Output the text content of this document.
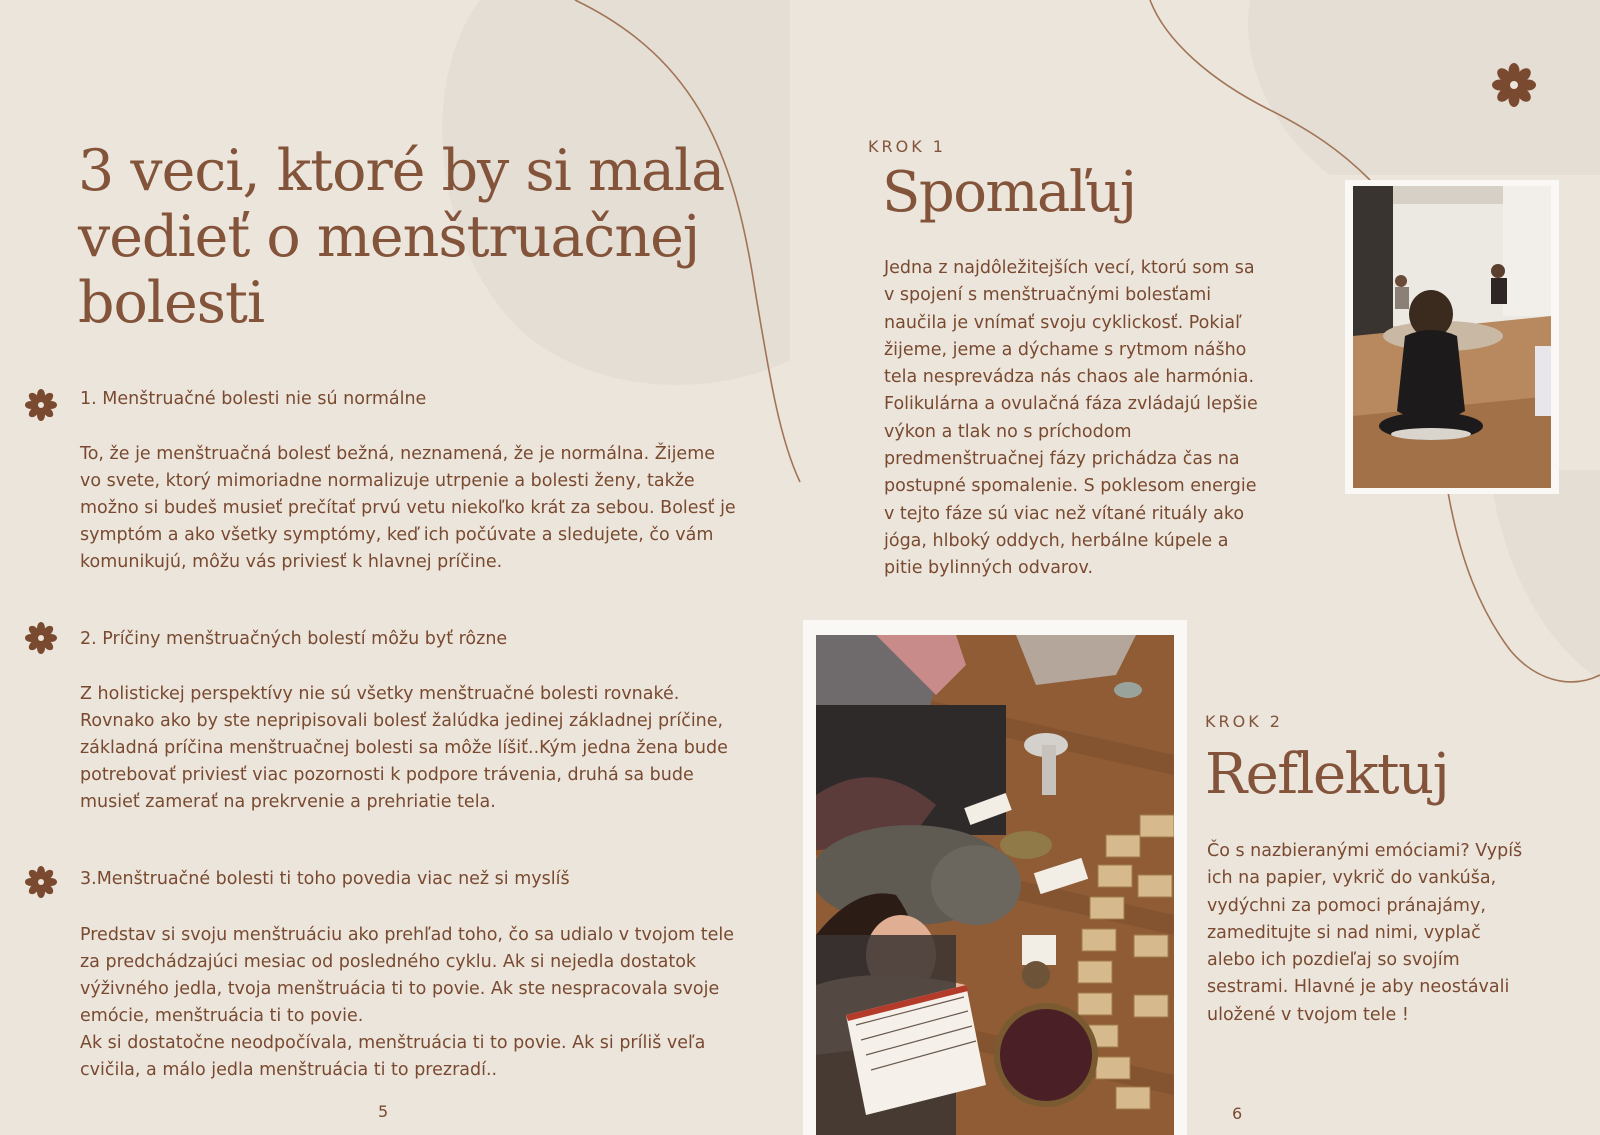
3 veci, ktoré by si mala vedieť o menštruačnej bolesti
1. Menštruačné bolesti nie sú normálne
To, že je menštruačná bolesť bežná, neznamená, že je normálna. Žijeme vo svete, ktorý mimoriadne normalizuje utrpenie a bolesti ženy, takže možno si budeš musieť prečítať prvú vetu niekoľko krát za sebou. Bolesť je symptóm a ako všetky symptómy, keď ich počúvate a sledujete, čo vám komunikujú, môžu vás priviesť k hlavnej príčine.
2. Príčiny menštruačných bolestí môžu byť rôzne
Z holistickej perspektívy nie sú všetky menštruačné bolesti rovnaké. Rovnako ako by ste nepripisovali bolesť žalúdka jedinej základnej príčine, základná príčina menštruačnej bolesti sa môže líšiť..Kým jedna žena bude potrebovať priviesť viac pozornosti k podpore trávenia, druhá sa bude musieť zamerať na prekrvenie a prehriatie tela.
3.Menštruačné bolesti ti toho povedia viac než si myslíš
Predstav si svoju menštruáciu ako prehľad toho, čo sa udialo v tvojom tele za predchádzajúci mesiac od posledného cyklu. Ak si nejedla dostatok výživného jedla, tvoja menštruácia ti to povie. Ak ste nespracovala svoje emócie, menštruácia ti to povie.
Ak si dostatočne neodpočívala, menštruácia ti to povie. Ak si príliš veľa cvičila, a málo jedla menštruácia ti to prezradí..
5
KROK 1
Spomaľuj
Jedna z najdôležitejších vecí, ktorú som sa v spojení s menštruačnými bolesťami naučila je vnímať svoju cyklickosť. Pokiaľ žijeme, jeme a dýchame s rytmom nášho tela nesprevádza nás chaos ale harmónia. Folikulárna a ovulačná fáza zvládajú lepšie výkon a tlak no s príchodom predmenštruačnej fázy prichádza čas na postupné spomalenie. S poklesom energie v tejto fáze sú viac než vítané rituály ako jóga, hlboký oddych, herbálne kúpele a pitie bylinných odvarov.
KROK 2
Reflektuj
Čo s nazbieranými emóciami? Vypíš ich na papier, vykrič do vankúša, vydýchni za pomoci pránajámy, zameditujte si nad nimi, vyplač alebo ich pozdieľaj so svojím sestrami. Hlavné je aby neostávali uložené v tvojom tele !
6
